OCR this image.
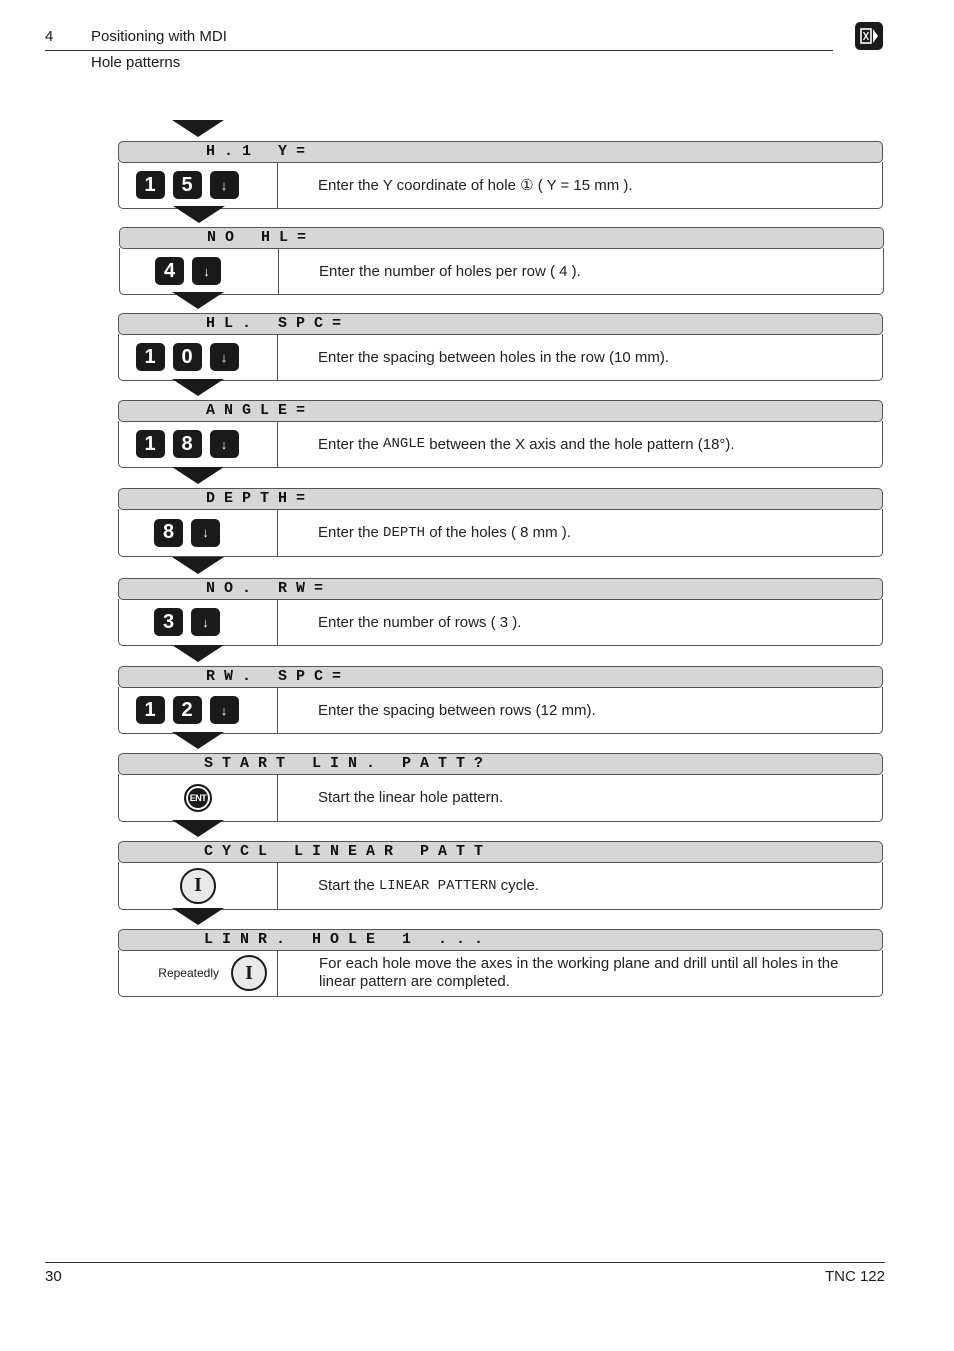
4	Positioning with MDI
Hole patterns
H . 1   Y =
1	5	↓	Enter the Y coordinate of hole ① ( Y = 15 mm ).
N O   H L =
4	↓	Enter the number of holes per row ( 4 ).
H L .   S P C =
1	0	↓	Enter the spacing between holes in the row (10 mm).
A N G L E =
1	8	↓	Enter the ANGLE between the X axis and the hole pattern (18°).
D E P T H =
8	↓	Enter the DEPTH of the holes ( 8 mm ).
N O .   R W =
3	↓	Enter the number of rows ( 3 ).
R W .   S P C =
1	2	↓	Enter the spacing between rows (12 mm).
S T A R T   L I N .   P A T T ?
ENT	Start the linear hole pattern.
C Y C L   L I N E A R   P A T T
I	Start the LINEAR PATTERN cycle.
L I N R .   H O L E   1   . . .
Repeatedly	I	For each hole move the axes in the working plane and drill until all holes in the linear pattern are completed.
30	TNC 122
